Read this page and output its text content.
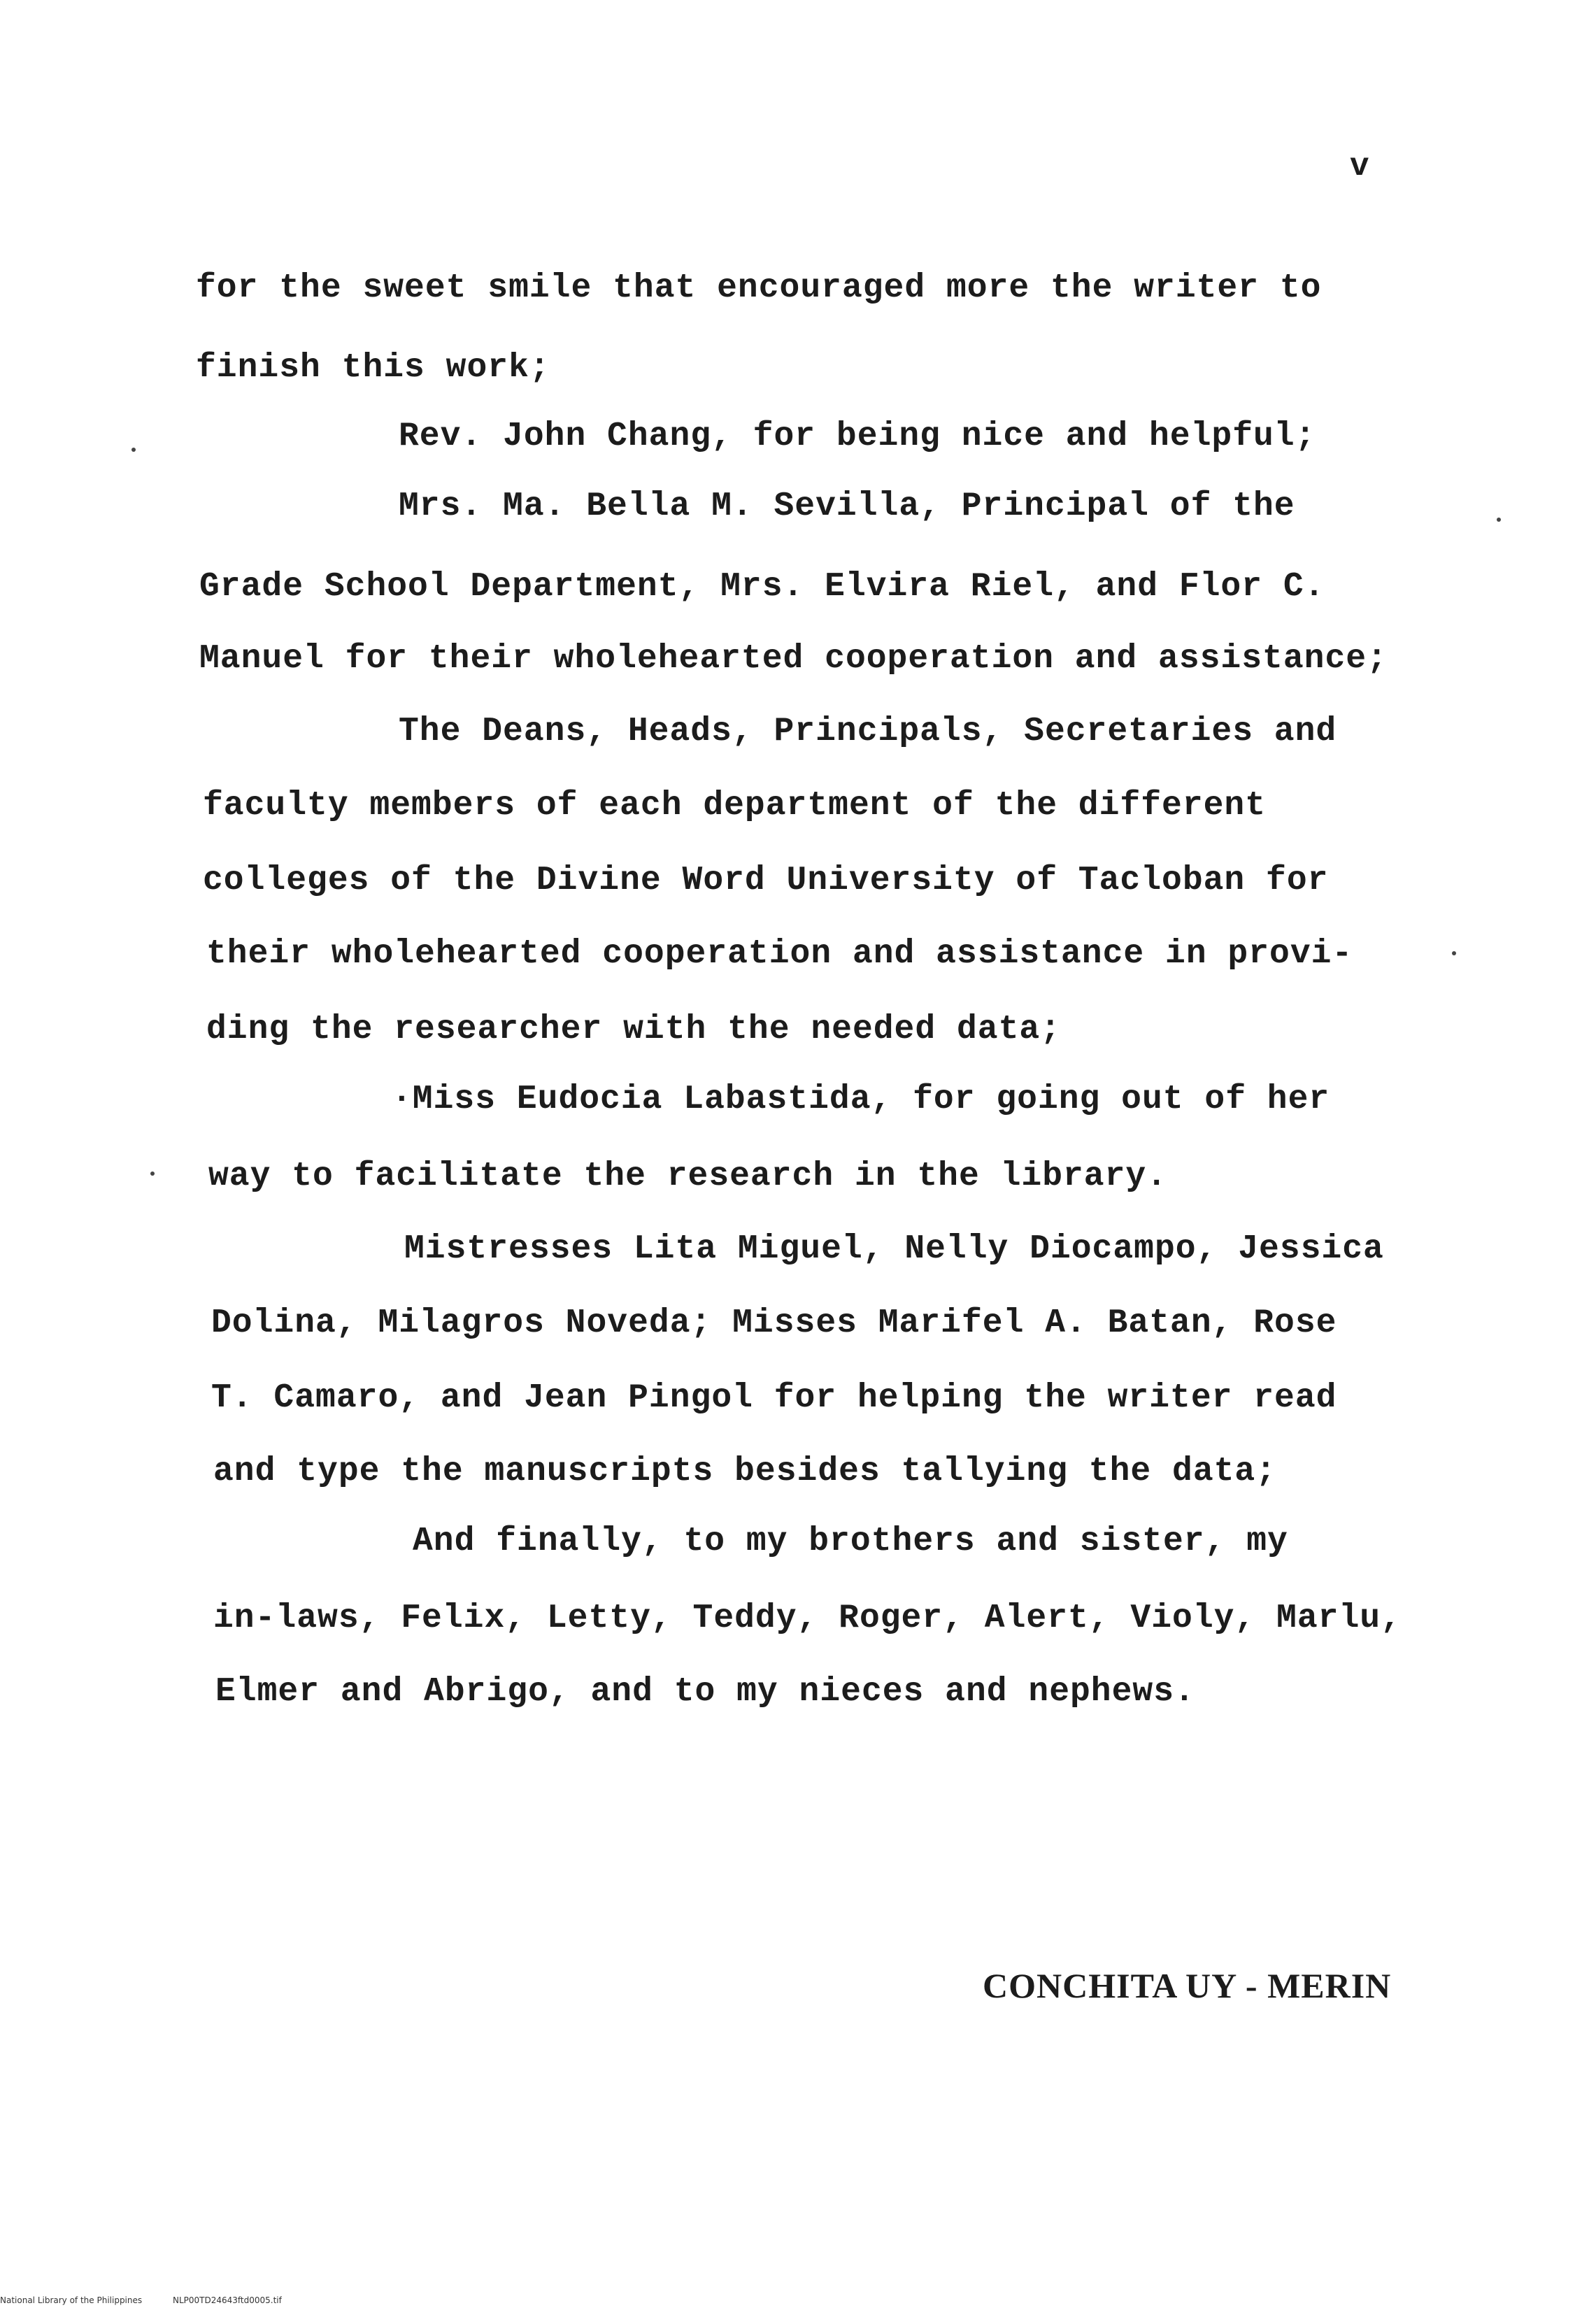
v
for the sweet smile that encouraged more the writer to
finish this work;
Rev. John Chang, for being nice and helpful;
Mrs. Ma. Bella M. Sevilla, Principal of the
Grade School Department, Mrs. Elvira Riel, and Flor C.
Manuel for their wholehearted cooperation and assistance;
The Deans, Heads, Principals, Secretaries and
faculty members of each department of the different
colleges of the Divine Word University of Tacloban for
their wholehearted cooperation and assistance in provi-
ding the researcher with the needed data;
·Miss Eudocia Labastida, for going out of her
way to facilitate the research in the library.
Mistresses Lita Miguel, Nelly Diocampo, Jessica
Dolina, Milagros Noveda; Misses Marifel A. Batan, Rose
T. Camaro, and Jean Pingol for helping the writer read
and type the manuscripts besides tallying the data;
And finally, to my brothers and sister, my
in-laws, Felix, Letty, Teddy, Roger, Alert, Violy, Marlu,
Elmer and Abrigo, and to my nieces and nephews.
CONCHITA UY - MERIN
National Library of the Philippines	NLP00TD24643ftd0005.tif
